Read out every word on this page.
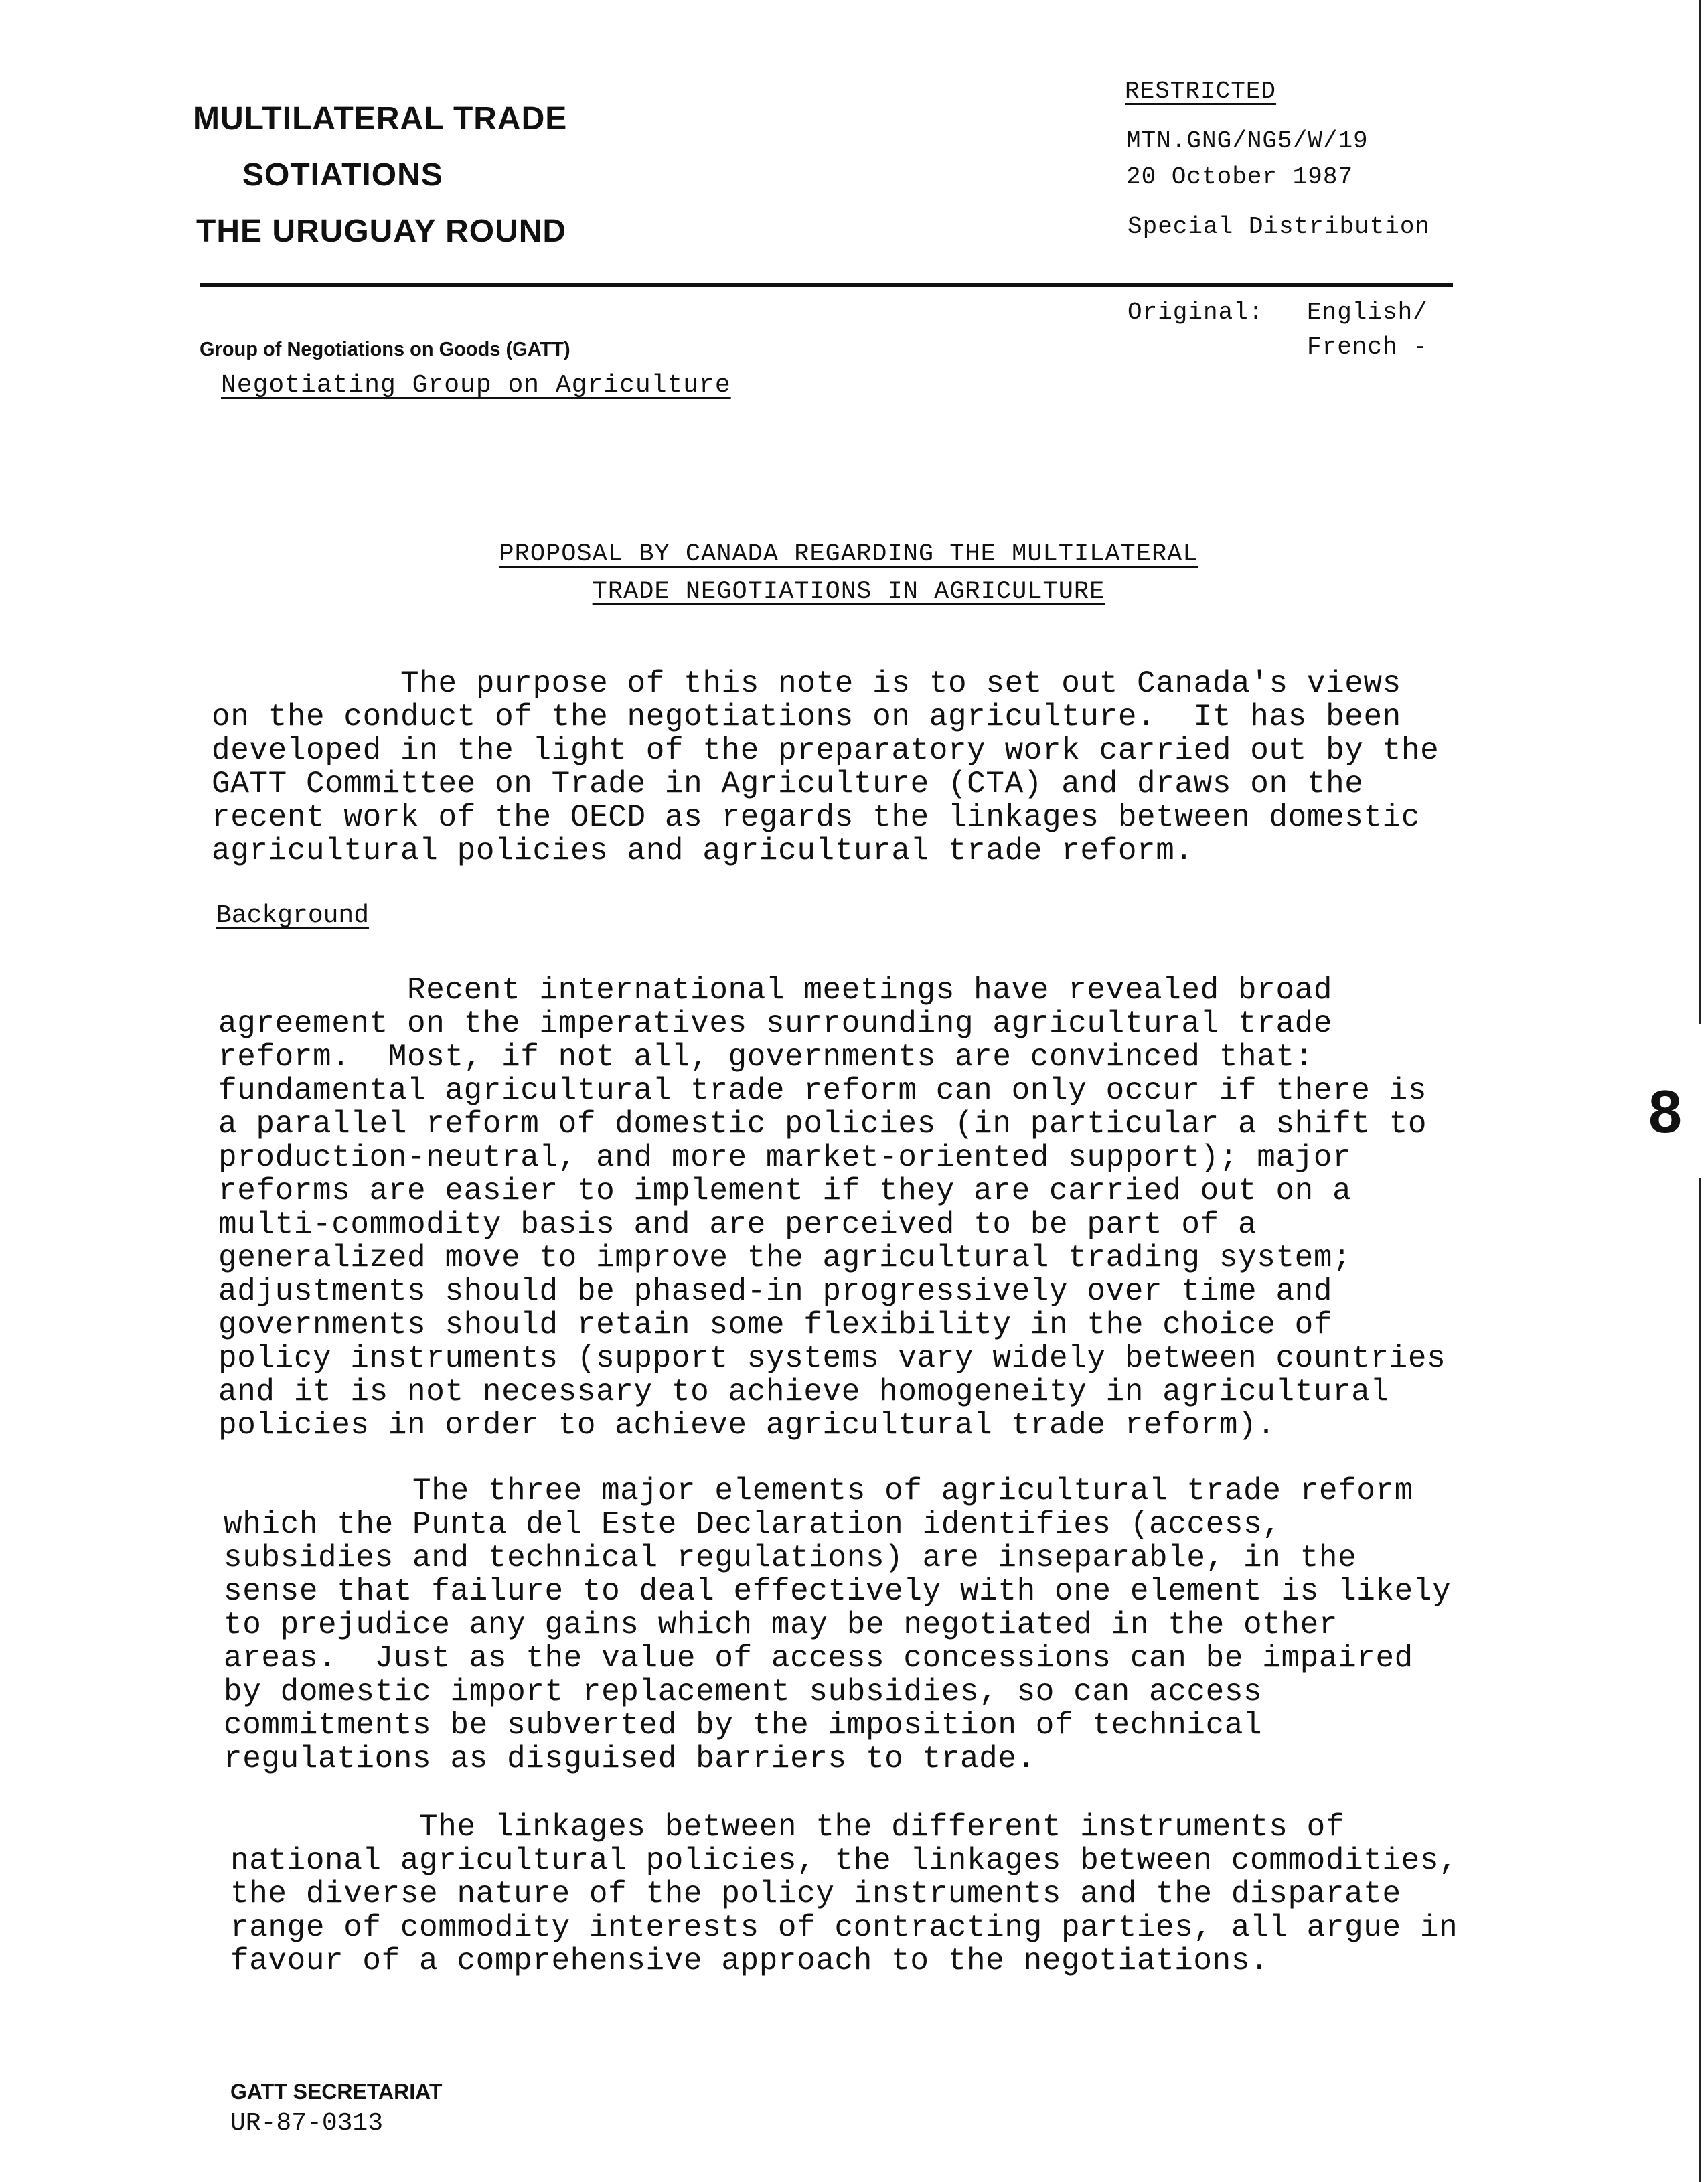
MULTILATERAL TRADE
SOTIATIONS
THE URUGUAY ROUND
RESTRICTED
MTN.GNG/NG5/W/19
20 October 1987
Special Distribution
Original: English/
French -
Group of Negotiations on Goods (GATT)
Negotiating Group on Agriculture
PROPOSAL BY CANADA REGARDING THE MULTILATERAL
TRADE NEGOTIATIONS IN AGRICULTURE
The purpose of this note is to set out Canada's views
on the conduct of the negotiations on agriculture.  It has been
developed in the light of the preparatory work carried out by the
GATT Committee on Trade in Agriculture (CTA) and draws on the
recent work of the OECD as regards the linkages between domestic
agricultural policies and agricultural trade reform.
Background
Recent international meetings have revealed broad
agreement on the imperatives surrounding agricultural trade
reform.  Most, if not all, governments are convinced that:
fundamental agricultural trade reform can only occur if there is
a parallel reform of domestic policies (in particular a shift to
production-neutral, and more market-oriented support); major
reforms are easier to implement if they are carried out on a
multi-commodity basis and are perceived to be part of a
generalized move to improve the agricultural trading system;
adjustments should be phased-in progressively over time and
governments should retain some flexibility in the choice of
policy instruments (support systems vary widely between countries
and it is not necessary to achieve homogeneity in agricultural
policies in order to achieve agricultural trade reform).
The three major elements of agricultural trade reform
which the Punta del Este Declaration identifies (access,
subsidies and technical regulations) are inseparable, in the
sense that failure to deal effectively with one element is likely
to prejudice any gains which may be negotiated in the other
areas.  Just as the value of access concessions can be impaired
by domestic import replacement subsidies, so can access
commitments be subverted by the imposition of technical
regulations as disguised barriers to trade.
The linkages between the different instruments of
national agricultural policies, the linkages between commodities,
the diverse nature of the policy instruments and the disparate
range of commodity interests of contracting parties, all argue in
favour of a comprehensive approach to the negotiations.
GATT SECRETARIAT
UR-87-0313
8
